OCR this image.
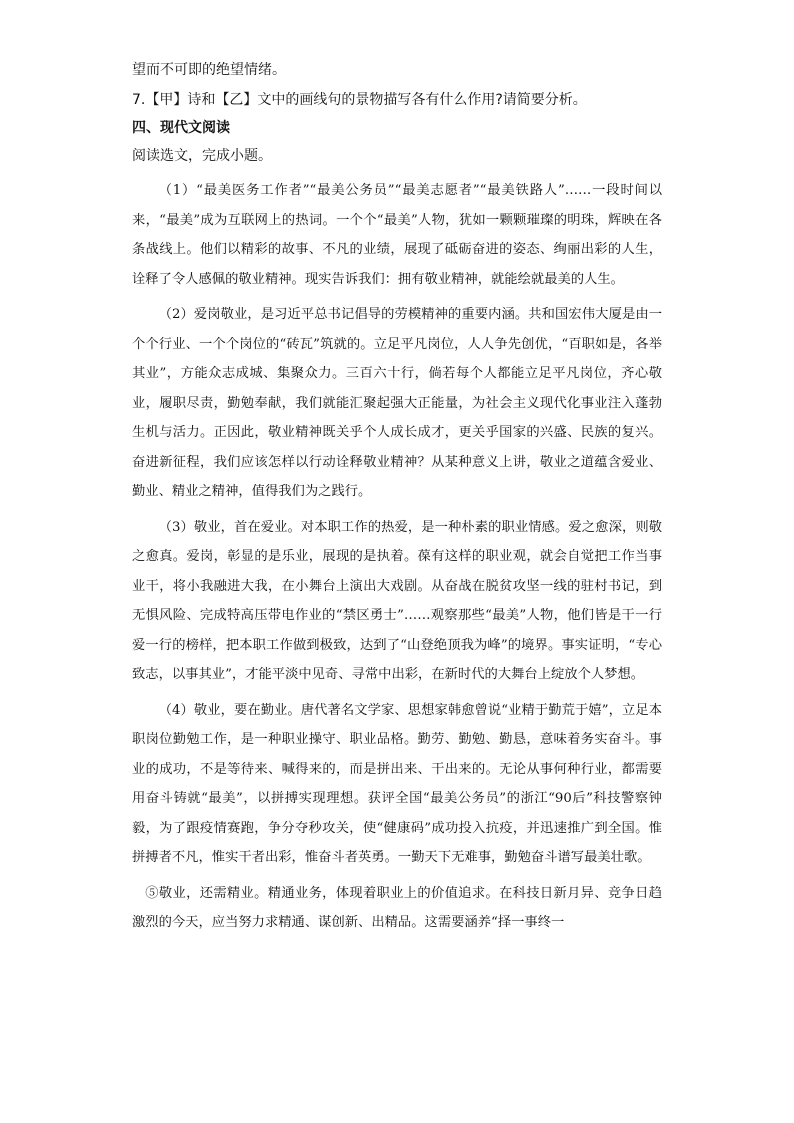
望而不可即的绝望情绪。

7.【甲】诗和【乙】文中的画线句的景物描写各有什么作用?请简要分析。

四、现代文阅读

阅读选文，完成小题。

（1）“最美医务工作者”“最美公务员”“最美志愿者”“最美铁路人”……一段时间以来，“最美”成为互联网上的热词。一个个“最美”人物，犹如一颗颗璀璨的明珠，辉映在各条战线上。他们以精彩的故事、不凡的业绩，展现了砥砺奋进的姿态、绚丽出彩的人生，诠释了令人感佩的敬业精神。现实告诉我们：拥有敬业精神，就能绘就最美的人生。

（2）爱岗敬业，是习近平总书记倡导的劳模精神的重要内涵。共和国宏伟大厦是由一个个行业、一个个岗位的“砖瓦”筑就的。立足平凡岗位，人人争先创优，“百职如是，各举其业”，方能众志成城、集聚众力。三百六十行，倘若每个人都能立足平凡岗位，齐心敬业，履职尽责，勤勉奉献，我们就能汇聚起强大正能量，为社会主义现代化事业注入蓬勃生机与活力。正因此，敬业精神既关乎个人成长成才，更关乎国家的兴盛、民族的复兴。奋进新征程，我们应该怎样以行动诠释敬业精神？从某种意义上讲，敬业之道蕴含爱业、勤业、精业之精神，值得我们为之践行。

（3）敬业，首在爱业。对本职工作的热爱，是一种朴素的职业情感。爱之愈深，则敬之愈真。爱岗，彰显的是乐业，展现的是执着。葆有这样的职业观，就会自觉把工作当事业干，将小我融进大我，在小舞台上演出大戏剧。从奋战在脱贫攻坚一线的驻村书记，到无惧风险、完成特高压带电作业的“禁区勇士”……观察那些“最美”人物，他们皆是干一行爱一行的榜样，把本职工作做到极致，达到了“山登绝顶我为峰”的境界。事实证明，“专心致志，以事其业”，才能平淡中见奇、寻常中出彩，在新时代的大舞台上绽放个人梦想。

（4）敬业，要在勤业。唐代著名文学家、思想家韩愈曾说“业精于勤荒于嬉”，立足本职岗位勤勉工作，是一种职业操守、职业品格。勤劳、勤勉、勤恳，意味着务实奋斗。事业的成功，不是等待来、喊得来的，而是拼出来、干出来的。无论从事何种行业，都需要用奋斗铸就“最美”，以拼搏实现理想。获评全国“最美公务员”的浙江“90后”科技警察钟毅，为了跟疫情赛跑，争分夺秒攻关，使“健康码”成功投入抗疫，并迅速推广到全国。惟拼搏者不凡，惟实干者出彩，惟奋斗者英勇。一勤天下无难事，勤勉奋斗谱写最美壮歌。

⑤敬业，还需精业。精通业务，体现着职业上的价值追求。在科技日新月异、竞争日趋激烈的今天，应当努力求精通、谋创新、出精品。这需要涵养“择一事终一
